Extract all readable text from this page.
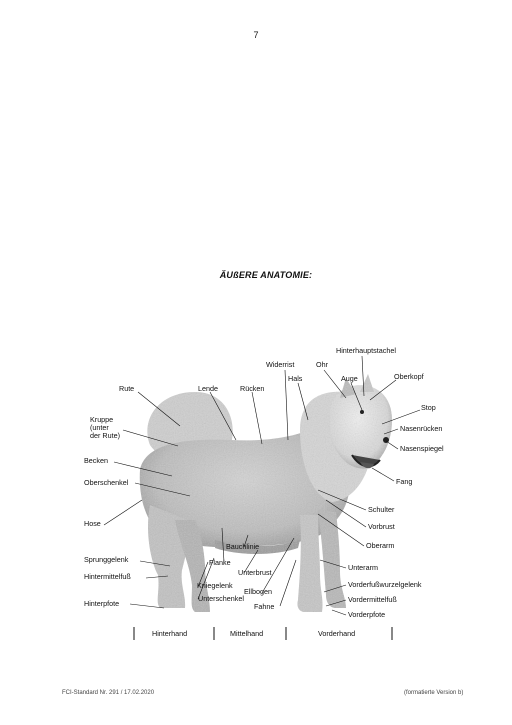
7
ÄUßERE ANATOMIE:
Hinterhauptstachel
Widerrist	Ohr
Hals	Auge	Oberkopf
Rute	Lende	Rücken
Kruppe
(unter
der Rute)
Stop
Nasenrücken
Nasenspiegel
Becken
Oberschenkel	Fang
Schulter
Hose	Vorbrust
Oberarm
Bauchlinie
Flanke
Sprunggelenk
Unterbrust
Unterarm
Hintermittelfuß
Kniegelenk
Unterschenkel
Ellbogen
Vorderfußwurzelgelenk
Hinterpfote	Fahne
Vordermittelfuß
Vorderpfote
Hinterhand	Mittelhand	Vorderhand
FCI-Standard Nr. 291 / 17.02.2020	(formatierte Version b)
